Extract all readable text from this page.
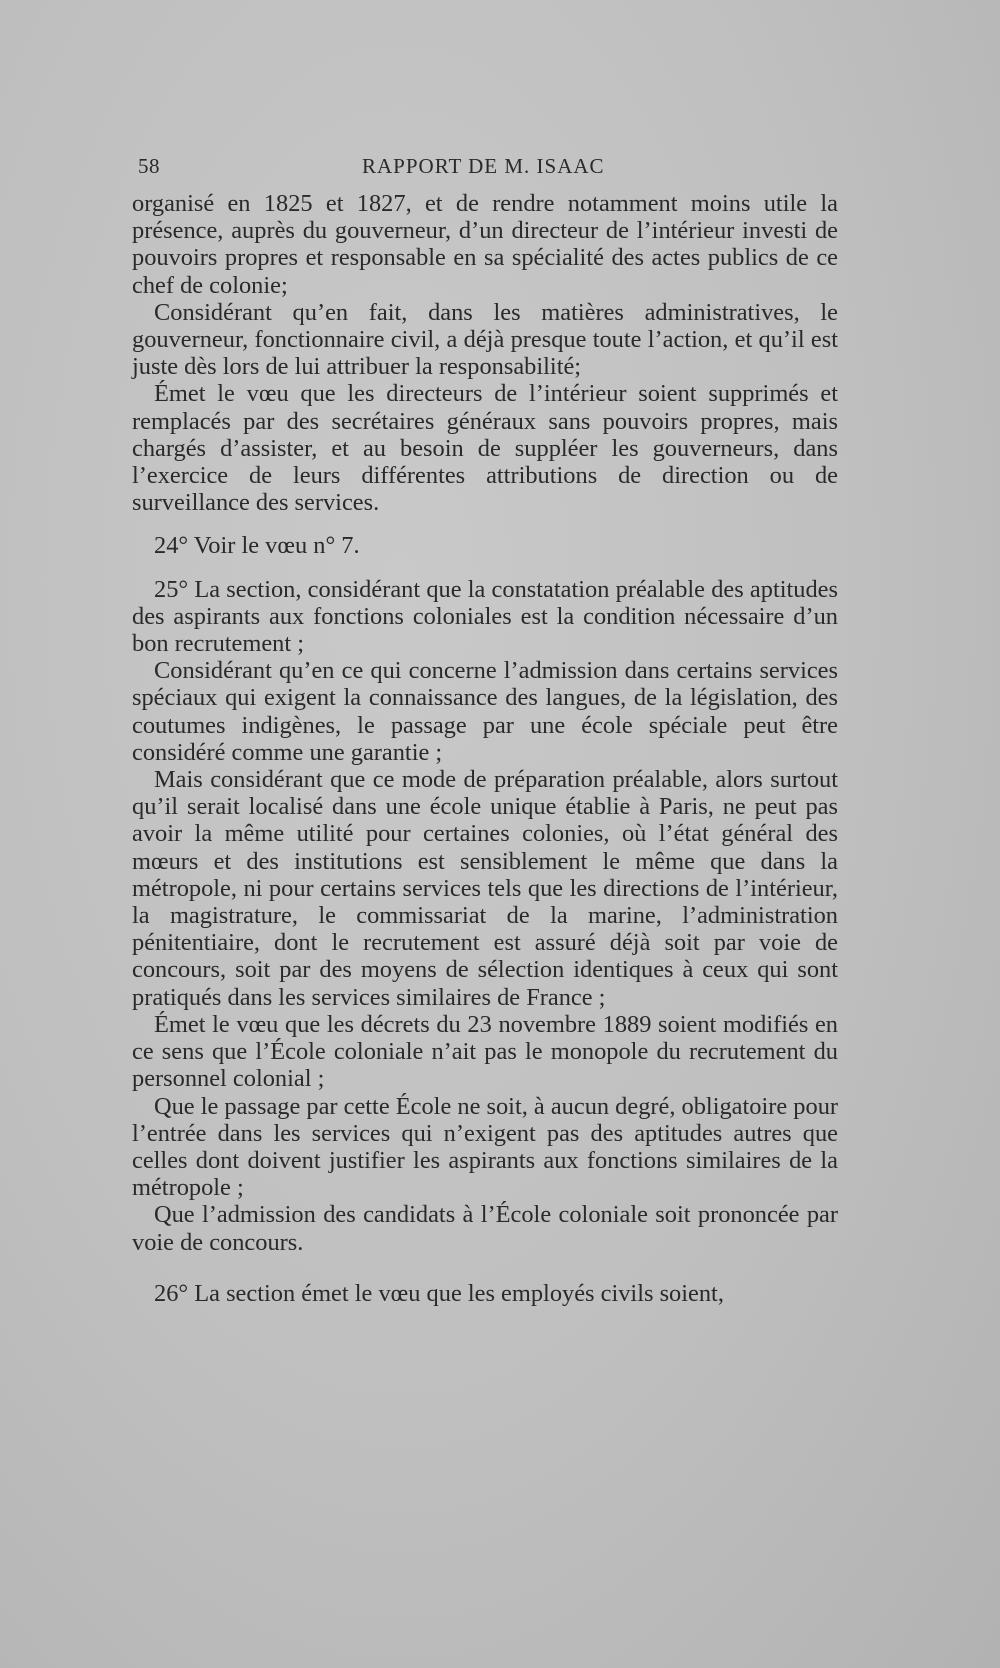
58	RAPPORT DE M. ISAAC

organisé en 1825 et 1827, et de rendre notamment moins utile la présence, auprès du gouverneur, d’un directeur de l’intérieur investi de pouvoirs propres et responsable en sa spécialité des actes publics de ce chef de colonie;

Considérant qu’en fait, dans les matières administratives, le gouverneur, fonctionnaire civil, a déjà presque toute l’action, et qu’il est juste dès lors de lui attribuer la responsabilité;

Émet le vœu que les directeurs de l’intérieur soient supprimés et remplacés par des secrétaires généraux sans pouvoirs propres, mais chargés d’assister, et au besoin de suppléer les gouverneurs, dans l’exercice de leurs différentes attributions de direction ou de surveillance des services.

24° Voir le vœu n° 7.

25° La section, considérant que la constatation préalable des aptitudes des aspirants aux fonctions coloniales est la condition nécessaire d’un bon recrutement ;

Considérant qu’en ce qui concerne l’admission dans certains services spéciaux qui exigent la connaissance des langues, de la législation, des coutumes indigènes, le passage par une école spéciale peut être considéré comme une garantie ;

Mais considérant que ce mode de préparation préalable, alors surtout qu’il serait localisé dans une école unique établie à Paris, ne peut pas avoir la même utilité pour certaines colonies, où l’état général des mœurs et des institutions est sensiblement le même que dans la métropole, ni pour certains services tels que les directions de l’intérieur, la magistrature, le commissariat de la marine, l’administration pénitentiaire, dont le recrutement est assuré déjà soit par voie de concours, soit par des moyens de sélection identiques à ceux qui sont pratiqués dans les services similaires de France ;

Émet le vœu que les décrets du 23 novembre 1889 soient modifiés en ce sens que l’École coloniale n’ait pas le monopole du recrutement du personnel colonial ;

Que le passage par cette École ne soit, à aucun degré, obligatoire pour l’entrée dans les services qui n’exigent pas des aptitudes autres que celles dont doivent justifier les aspirants aux fonctions similaires de la métropole ;

Que l’admission des candidats à l’École coloniale soit prononcée par voie de concours.

26° La section émet le vœu que les employés civils soient,
